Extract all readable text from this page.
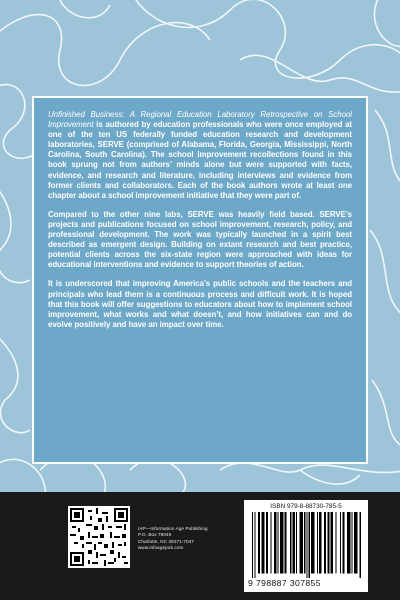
Unfinished Business: A Regional Education Laboratory Retrospective on School Improvement is authored by education professionals who were once employed at one of the ten US federally funded education research and development laboratories, SERVE (comprised of Alabama, Florida, Georgia, Mississippi, North Carolina, South Carolina). The school improvement recollections found in this book sprung not from authors’ minds alone but were supported with facts, evidence, and research and literature, including interviews and evidence from former clients and collaborators. Each of the book authors wrote at least one chapter about a school improvement initiative that they were part of.

Compared to the other nine labs, SERVE was heavily field based. SERVE’s projects and publications focused on school improvement, research, policy, and professional development. The work was typically launched in a spirit best described as emergent design. Building on extant research and best practice, potential clients across the six-state region were approached with ideas for educational interventions and evidence to support theories of action.

It is underscored that improving America’s public schools and the teachers and principals who lead them is a continuous process and difficult work. It is hoped that this book will offer suggestions to educators about how to implement school improvement, what works and what doesn’t, and how initiatives can and do evolve positively and have an impact over time.

IAP—Information Age Publishing
P.O. Box 79049
Charlotte, NC 28271-7047
www.infoagepub.com
ISBN 979-8-88730-785-5
9 798887 307855
